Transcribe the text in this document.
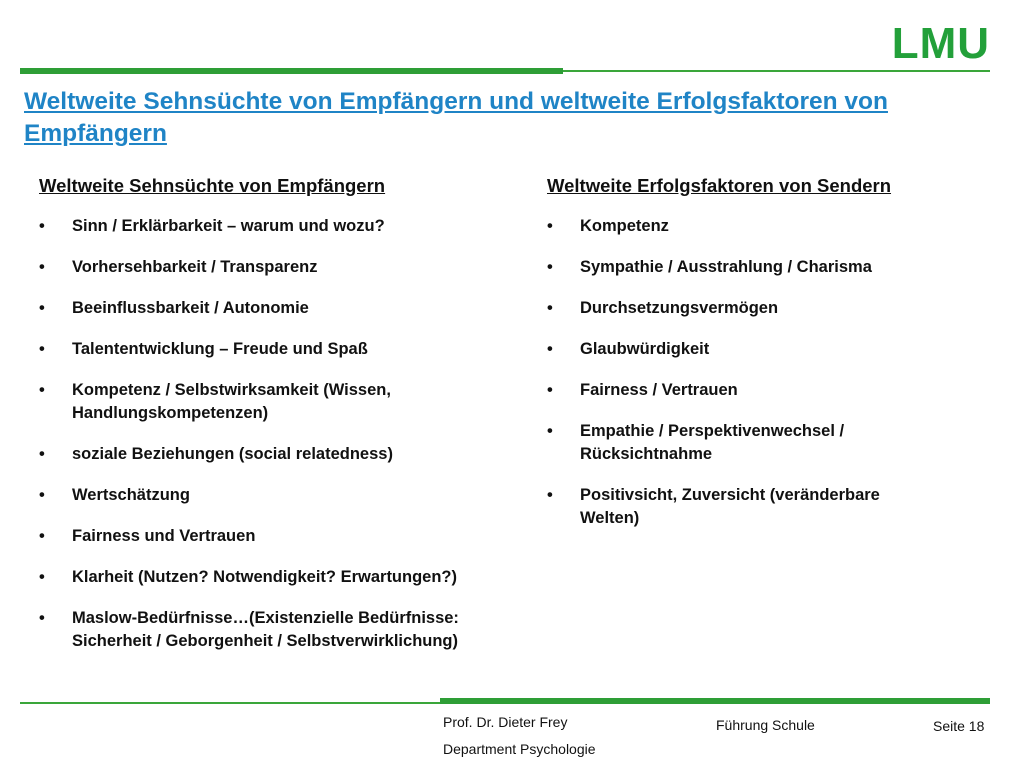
LMU
Weltweite Sehnsüchte von Empfängern und weltweite Erfolgsfaktoren von Empfängern
Weltweite Sehnsüchte von Empfängern
• Sinn / Erklärbarkeit – warum und wozu?
• Vorhersehbarkeit / Transparenz
• Beeinflussbarkeit / Autonomie
• Talententwicklung – Freude und Spaß
• Kompetenz / Selbstwirksamkeit (Wissen, Handlungskompetenzen)
• soziale Beziehungen (social relatedness)
• Wertschätzung
• Fairness und Vertrauen
• Klarheit (Nutzen? Notwendigkeit? Erwartungen?)
• Maslow-Bedürfnisse…(Existenzielle Bedürfnisse: Sicherheit / Geborgenheit / Selbstverwirklichung)
Weltweite Erfolgsfaktoren von Sendern
• Kompetenz
• Sympathie / Ausstrahlung / Charisma
• Durchsetzungsvermögen
• Glaubwürdigkeit
• Fairness / Vertrauen
• Empathie / Perspektivenwechsel / Rücksichtnahme
• Positivsicht, Zuversicht (veränderbare Welten)
Prof. Dr. Dieter Frey
Department Psychologie
Führung Schule	Seite 18
